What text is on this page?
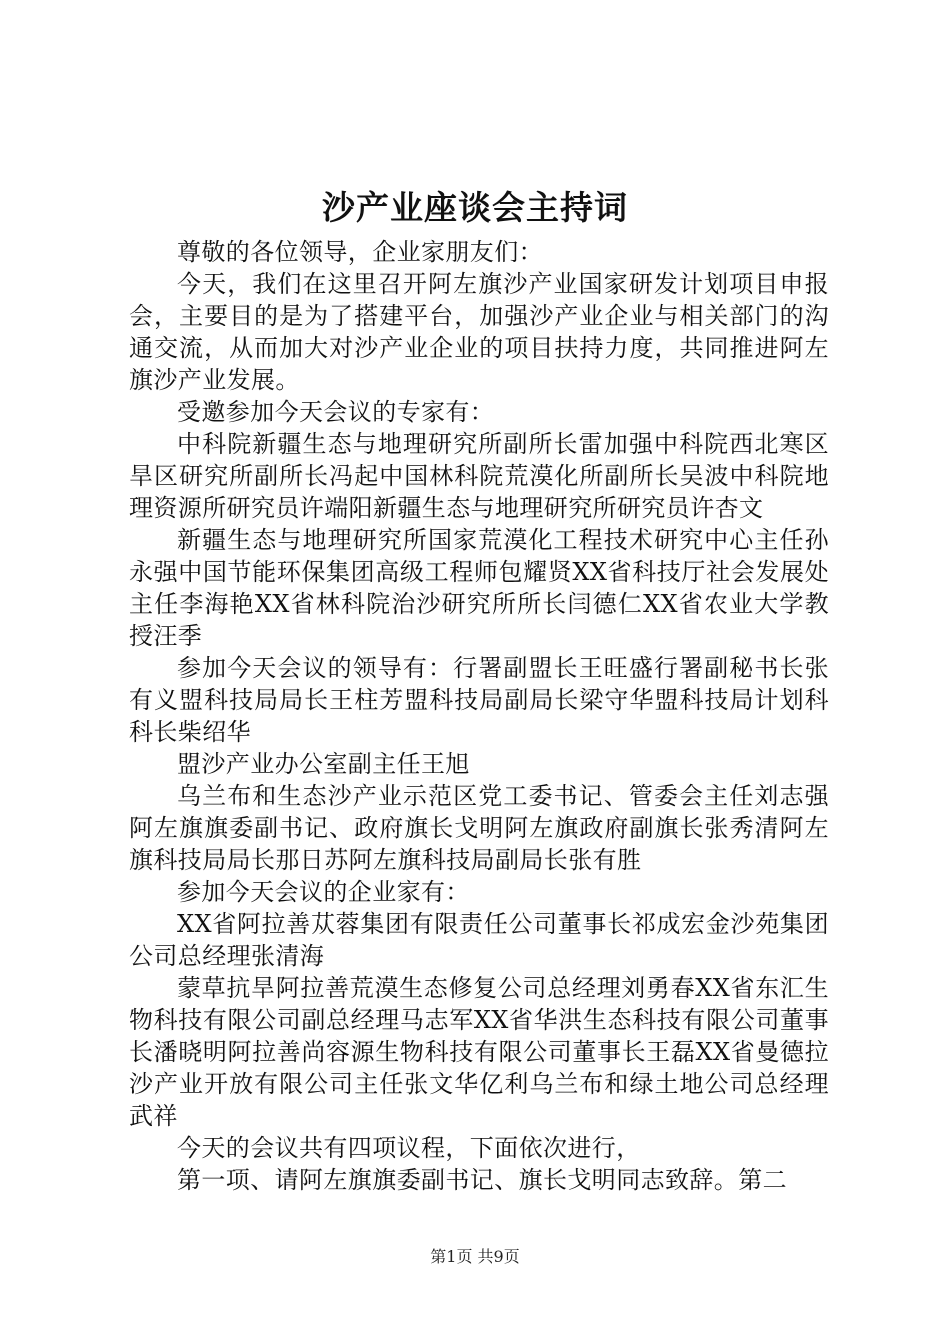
沙产业座谈会主持词

尊敬的各位领导，企业家朋友们：

今天，我们在这里召开阿左旗沙产业国家研发计划项目申报会，主要目的是为了搭建平台，加强沙产业企业与相关部门的沟通交流，从而加大对沙产业企业的项目扶持力度，共同推进阿左旗沙产业发展。

受邀参加今天会议的专家有：

中科院新疆生态与地理研究所副所长雷加强中科院西北寒区旱区研究所副所长冯起中国林科院荒漠化所副所长吴波中科院地理资源所研究员许端阳新疆生态与地理研究所研究员许杏文

新疆生态与地理研究所国家荒漠化工程技术研究中心主任孙永强中国节能环保集团高级工程师包耀贤XX省科技厅社会发展处主任李海艳XX省林科院治沙研究所所长闫德仁XX省农业大学教授汪季

参加今天会议的领导有：行署副盟长王旺盛行署副秘书长张有义盟科技局局长王柱芳盟科技局副局长梁守华盟科技局计划科科长柴绍华

盟沙产业办公室副主任王旭

乌兰布和生态沙产业示范区党工委书记、管委会主任刘志强阿左旗旗委副书记、政府旗长戈明阿左旗政府副旗长张秀清阿左旗科技局局长那日苏阿左旗科技局副局长张有胜

参加今天会议的企业家有：

XX省阿拉善苁蓉集团有限责任公司董事长祁成宏金沙苑集团公司总经理张清海

蒙草抗旱阿拉善荒漠生态修复公司总经理刘勇春XX省东汇生物科技有限公司副总经理马志军XX省华洪生态科技有限公司董事长潘晓明阿拉善尚容源生物科技有限公司董事长王磊XX省曼德拉沙产业开放有限公司主任张文华亿利乌兰布和绿土地公司总经理武祥

今天的会议共有四项议程，下面依次进行，

第一项、请阿左旗旗委副书记、旗长戈明同志致辞。第二

第1页 共9页
